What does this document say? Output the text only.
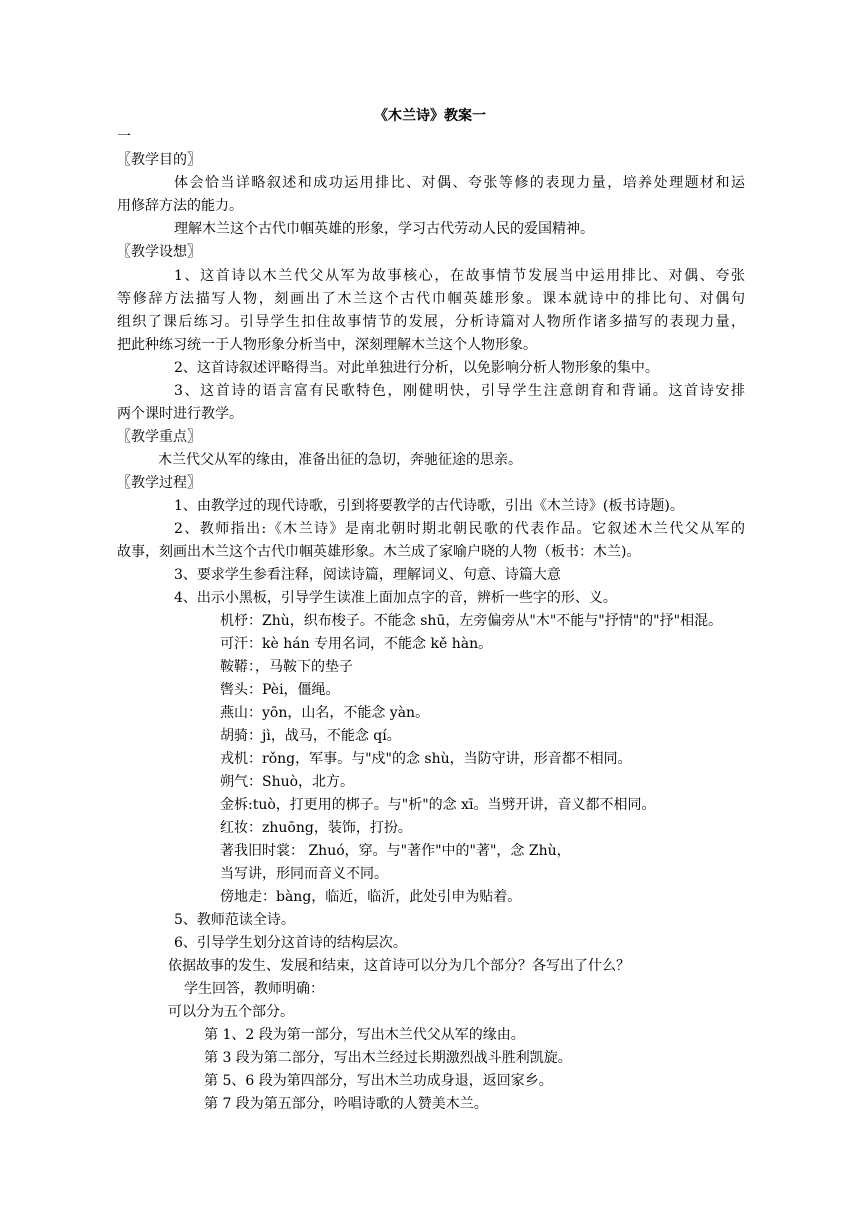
《木兰诗》教案一
一
〖教学目的〗
体会恰当详略叙述和成功运用排比、对偶、夸张等修的表现力量，培养处理题材和运
用修辞方法的能力。
理解木兰这个古代巾帼英雄的形象，学习古代劳动人民的爱国精神。
〖教学设想〗
1、这首诗以木兰代父从军为故事核心，在故事情节发展当中运用排比、对偶、夸张
等修辞方法描写人物，刻画出了木兰这个古代巾帼英雄形象。课本就诗中的排比句、对偶句
组织了课后练习。引导学生扣住故事情节的发展，分析诗篇对人物所作诸多描写的表现力量，
把此种练习统一于人物形象分析当中，深刻理解木兰这个人物形象。
2、这首诗叙述评略得当。对此单独进行分析，以免影响分析人物形象的集中。
3、这首诗的语言富有民歌特色，刚健明快，引导学生注意朗育和背诵。这首诗安排
两个课时进行教学。
〖教学重点〗
木兰代父从军的缘由，准备出征的急切，奔驰征途的思亲。
〖教学过程〗
1、由教学过的现代诗歌，引到将要教学的古代诗歌，引出《木兰诗》(板书诗题)。
2、教师指出:《木兰诗》是南北朝时期北朝民歌的代表作品。它叙述木兰代父从军的
故事，刻画出木兰这个古代巾帼英雄形象。木兰成了家喻户晓的人物（板书：木兰)。
3、要求学生参看注释，阅读诗篇，理解词义、句意、诗篇大意
4、出示小黑板，引导学生读准上面加点字的音，辨析一些字的形、义。
机杼：Zhù，织布梭子。不能念 shū，左旁偏旁从"木"不能与"抒情"的"抒"相混。
可汗：kè hán 专用名词，不能念 kě hàn。
鞍鞯：，马鞍下的垫子
辔头：Pèi，僵绳。
燕山：yōn，山名，不能念 yàn。
胡骑：jì，战马，不能念 qí。
戎机：rǒng，军事。与"戍"的念 shù，当防守讲，形音都不相同。
朔气：Shuò，北方。
金柝:tuò，打更用的梆子。与"析"的念 xī。当劈开讲，音义都不相同。
红妆：zhuōng，装饰，打扮。
著我旧时裳： Zhuó，穿。与"著作"中的"著"，念 Zhù，
当写讲，形同而音义不同。
傍地走：bàng，临近，临沂，此处引申为贴着。
5、教师范读全诗。
6、引导学生划分这首诗的结构层次。
依据故事的发生、发展和结束，这首诗可以分为几个部分？各写出了什么？
学生回答，教师明确：
可以分为五个部分。
第 1、2 段为第一部分，写出木兰代父从军的缘由。
第 3 段为第二部分，写出木兰经过长期激烈战斗胜利凯旋。
第 5、6 段为第四部分，写出木兰功成身退，返回家乡。
第 7 段为第五部分，吟唱诗歌的人赞美木兰。
